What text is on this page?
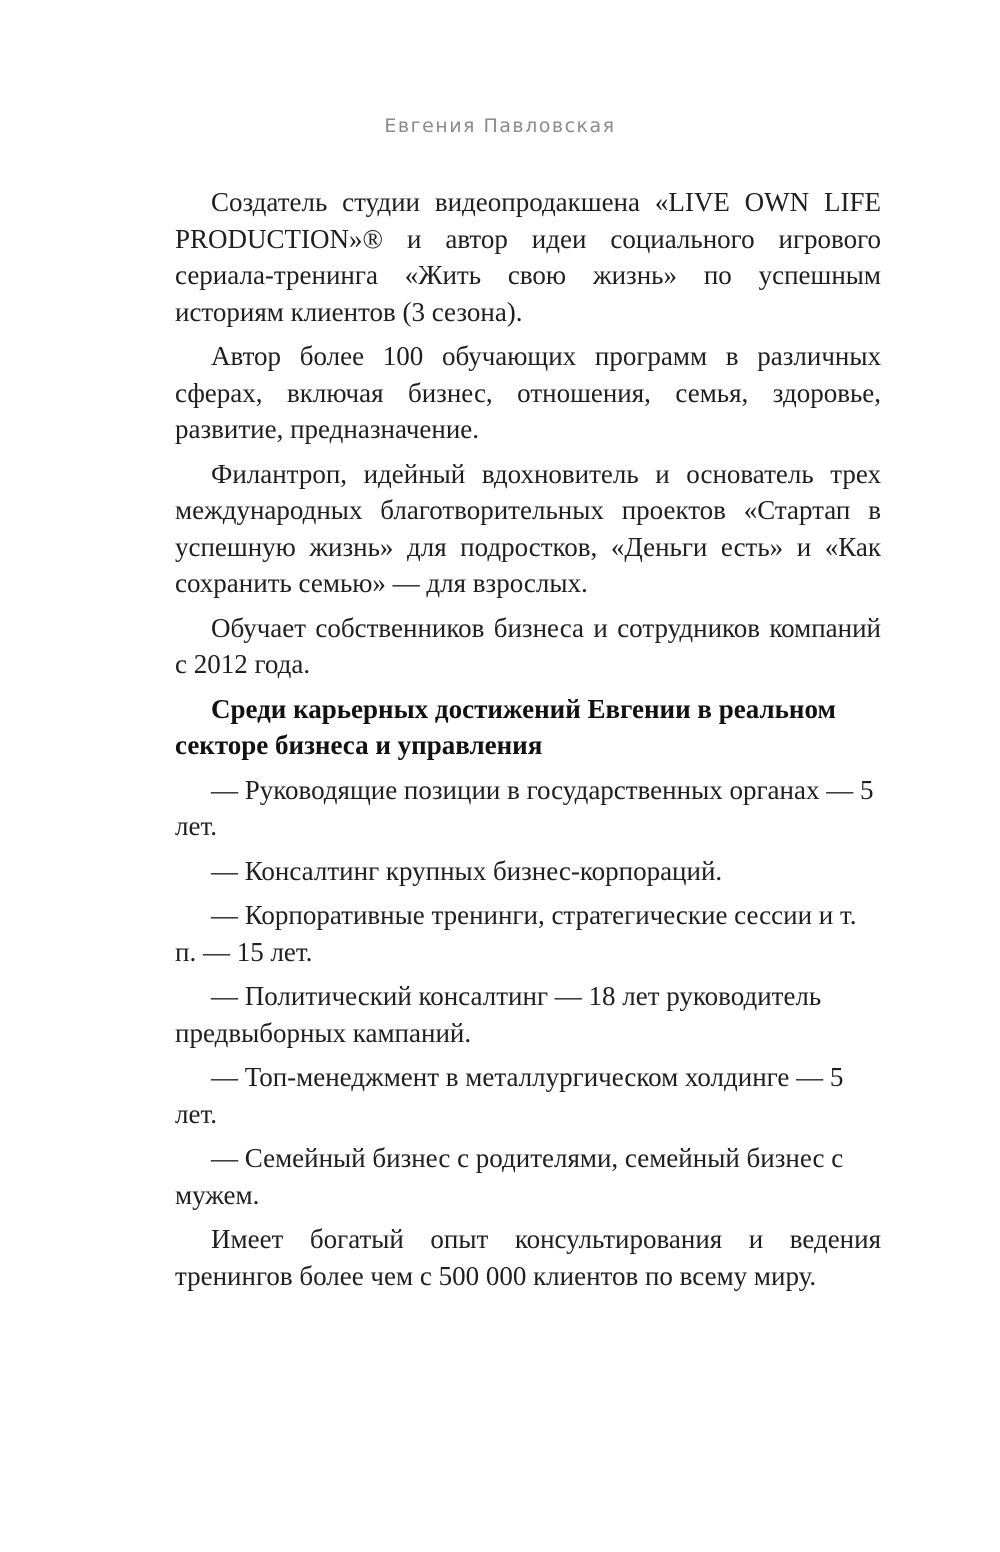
Евгения Павловская

Создатель студии видеопродакшена «LIVE OWN LIFE PRODUCTION»® и автор идеи социального игрового сериала-тренинга «Жить свою жизнь» по успешным историям клиентов (3 сезона).

Автор более 100 обучающих программ в различных сферах, включая бизнес, отношения, семья, здоровье, развитие, предназначение.

Филантроп, идейный вдохновитель и основатель трех международных благотворительных проектов «Стартап в успешную жизнь» для подростков, «Деньги есть» и «Как сохранить семью» — для взрослых.

Обучает собственников бизнеса и сотрудников компаний с 2012 года.

Среди карьерных достижений Евгении в реальном секторе бизнеса и управления

— Руководящие позиции в государственных органах — 5 лет.

— Консалтинг крупных бизнес-корпораций.

— Корпоративные тренинги, стратегические сессии и т. п. — 15 лет.

— Политический консалтинг — 18 лет руководитель предвыборных кампаний.

— Топ-менеджмент в металлургическом холдинге — 5 лет.

— Семейный бизнес с родителями, семейный бизнес с мужем.

Имеет богатый опыт консультирования и ведения тренингов более чем с 500 000 клиентов по всему миру.
